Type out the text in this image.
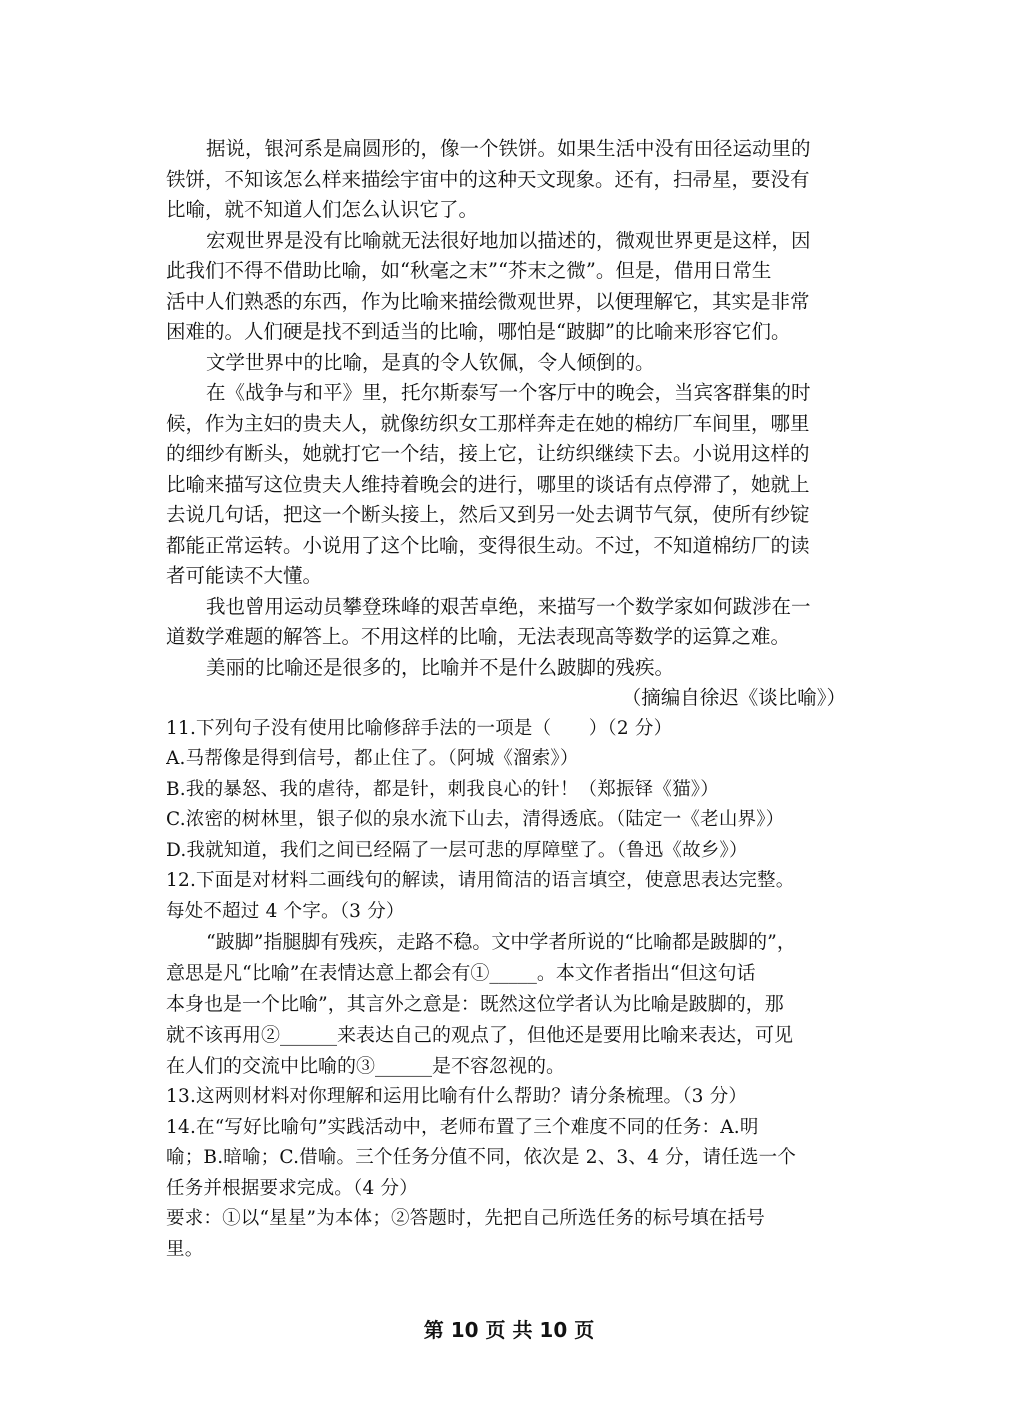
据说，银河系是扁圆形的，像一个铁饼。如果生活中没有田径运动里的
铁饼，不知该怎么样来描绘宇宙中的这种天文现象。还有，扫帚星，要没有
比喻，就不知道人们怎么认识它了。
宏观世界是没有比喻就无法很好地加以描述的，微观世界更是这样，因
此我们不得不借助比喻，如“秋毫之末”“芥末之微”。但是，借用日常生
活中人们熟悉的东西，作为比喻来描绘微观世界，以便理解它，其实是非常
困难的。人们硬是找不到适当的比喻，哪怕是“跛脚”的比喻来形容它们。
文学世界中的比喻，是真的令人钦佩，令人倾倒的。
在《战争与和平》里，托尔斯泰写一个客厅中的晚会，当宾客群集的时
候，作为主妇的贵夫人，就像纺织女工那样奔走在她的棉纺厂车间里，哪里
的细纱有断头，她就打它一个结，接上它，让纺织继续下去。小说用这样的
比喻来描写这位贵夫人维持着晚会的进行，哪里的谈话有点停滞了，她就上
去说几句话，把这一个断头接上，然后又到另一处去调节气氛，使所有纱锭
都能正常运转。小说用了这个比喻，变得很生动。不过，不知道棉纺厂的读
者可能读不大懂。
我也曾用运动员攀登珠峰的艰苦卓绝，来描写一个数学家如何跋涉在一
道数学难题的解答上。不用这样的比喻，无法表现高等数学的运算之难。
美丽的比喻还是很多的，比喻并不是什么跛脚的残疾。
（摘编自徐迟《谈比喻》）
11.下列句子没有使用比喻修辞手法的一项是（　　）（2 分）
A.马帮像是得到信号，都止住了。（阿城《溜索》）
B.我的暴怒、我的虐待，都是针，刺我良心的针！（郑振铎《猫》）
C.浓密的树林里，银子似的泉水流下山去，清得透底。（陆定一《老山界》）
D.我就知道，我们之间已经隔了一层可悲的厚障壁了。（鲁迅《故乡》）
12.下面是对材料二画线句的解读，请用简洁的语言填空，使意思表达完整。
每处不超过 4 个字。（3 分）
“跛脚”指腿脚有残疾，走路不稳。文中学者所说的“比喻都是跛脚的”，
意思是凡“比喻”在表情达意上都会有①_____。本文作者指出“但这句话
本身也是一个比喻”，其言外之意是：既然这位学者认为比喻是跛脚的，那
就不该再用②______来表达自己的观点了，但他还是要用比喻来表达，可见
在人们的交流中比喻的③______是不容忽视的。
13.这两则材料对你理解和运用比喻有什么帮助？请分条梳理。（3 分）
14.在“写好比喻句”实践活动中，老师布置了三个难度不同的任务：A.明
喻；B.暗喻；C.借喻。三个任务分值不同，依次是 2、3、4 分，请任选一个
任务并根据要求完成。（4 分）
要求：①以“星星”为本体；②答题时，先把自己所选任务的标号填在括号
里。
第 10 页 共 10 页
